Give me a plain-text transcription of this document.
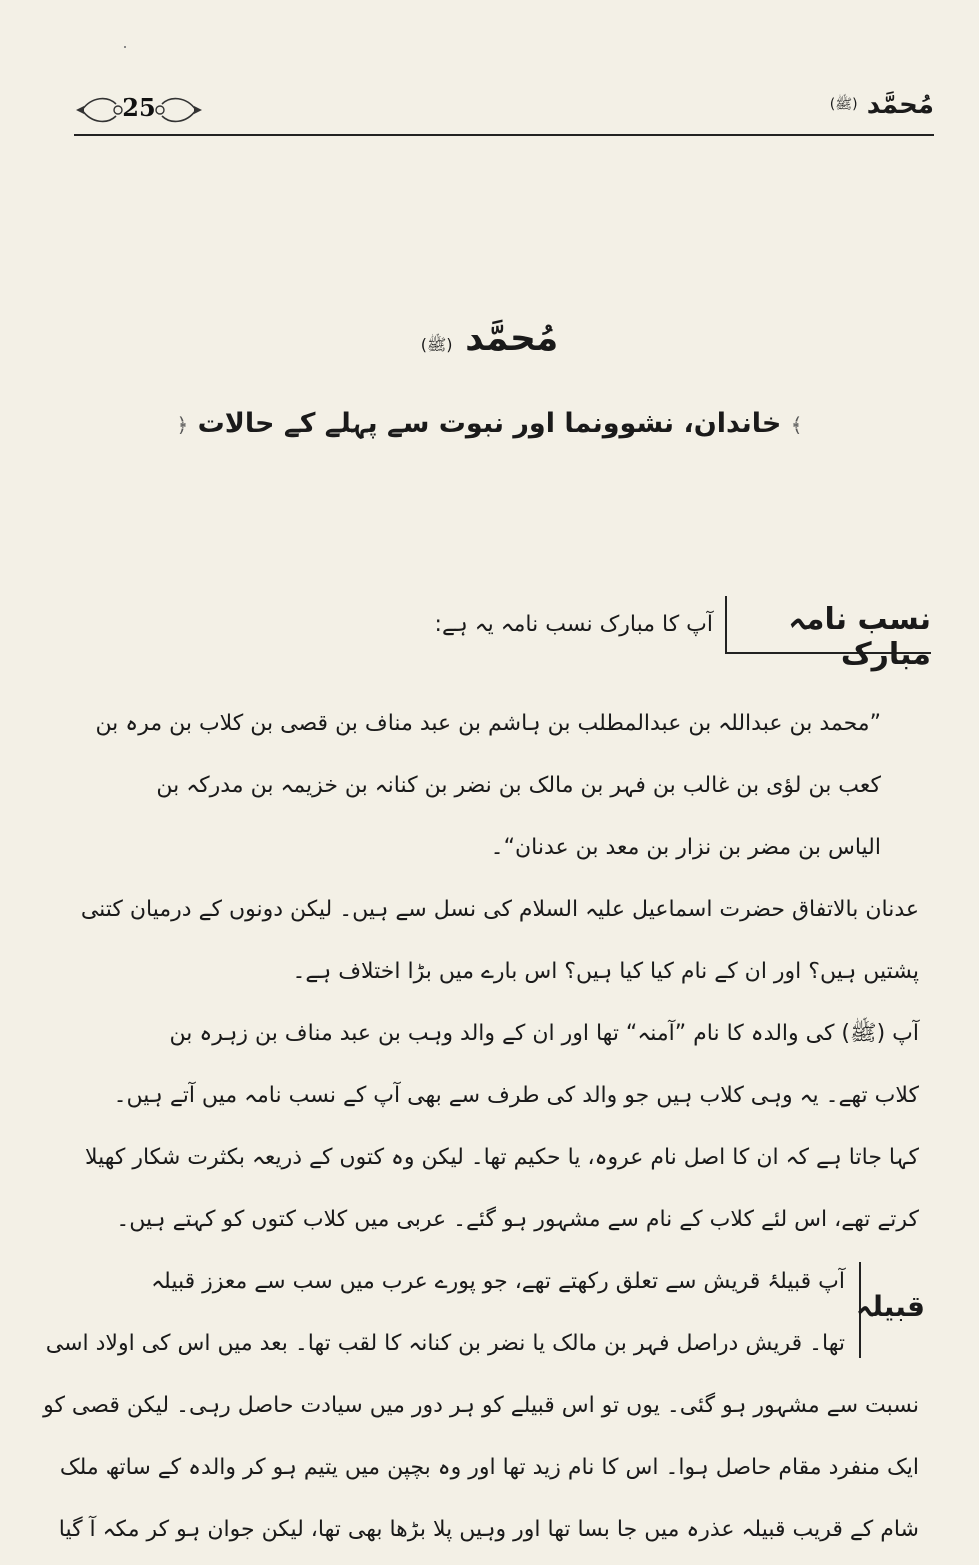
25	مُحمَّد (ﷺ)
مُحمَّد (ﷺ)
﴾ خاندان، نشوونما اور نبوت سے پہلے کے حالات ﴿
نسب نامہ مبارک
آپ کا مبارک نسب نامہ یہ ہے:
”محمد بن عبداللہ بن عبدالمطلب بن ہاشم بن عبد مناف بن قصی بن کلاب بن مرہ بن
کعب بن لؤی بن غالب بن فہر بن مالک بن نضر بن کنانہ بن خزیمہ بن مدرکہ بن
الیاس بن مضر بن نزار بن معد بن عدنان“۔
عدنان بالاتفاق حضرت اسماعیل علیہ السلام کی نسل سے ہیں۔ لیکن دونوں کے درمیان کتنی
پشتیں ہیں؟ اور ان کے نام کیا کیا ہیں؟ اس بارے میں بڑا اختلاف ہے۔
آپ (ﷺ) کی والدہ کا نام ”آمنہ“ تھا اور ان کے والد وہب بن عبد مناف بن زہرہ بن
کلاب تھے۔ یہ وہی کلاب ہیں جو والد کی طرف سے بھی آپ کے نسب نامہ میں آتے ہیں۔
کہا جاتا ہے کہ ان کا اصل نام عروہ، یا حکیم تھا۔ لیکن وہ کتوں کے ذریعہ بکثرت شکار کھیلا
کرتے تھے، اس لئے کلاب کے نام سے مشہور ہو گئے۔ عربی میں کلاب کتوں کو کہتے ہیں۔
قبیلہ
آپ قبیلۂ قریش سے تعلق رکھتے تھے، جو پورے عرب میں سب سے معزز قبیلہ
تھا۔ قریش دراصل فہر بن مالک یا نضر بن کنانہ کا لقب تھا۔ بعد میں اس کی اولاد اسی
نسبت سے مشہور ہو گئی۔ یوں تو اس قبیلے کو ہر دور میں سیادت حاصل رہی۔ لیکن قصی کو
ایک منفرد مقام حاصل ہوا۔ اس کا نام زید تھا اور وہ بچپن میں یتیم ہو کر والدہ کے ساتھ ملک
شام کے قریب قبیلہ عذرہ میں جا بسا تھا اور وہیں پلا بڑھا بھی تھا، لیکن جوان ہو کر مکہ آ گیا
